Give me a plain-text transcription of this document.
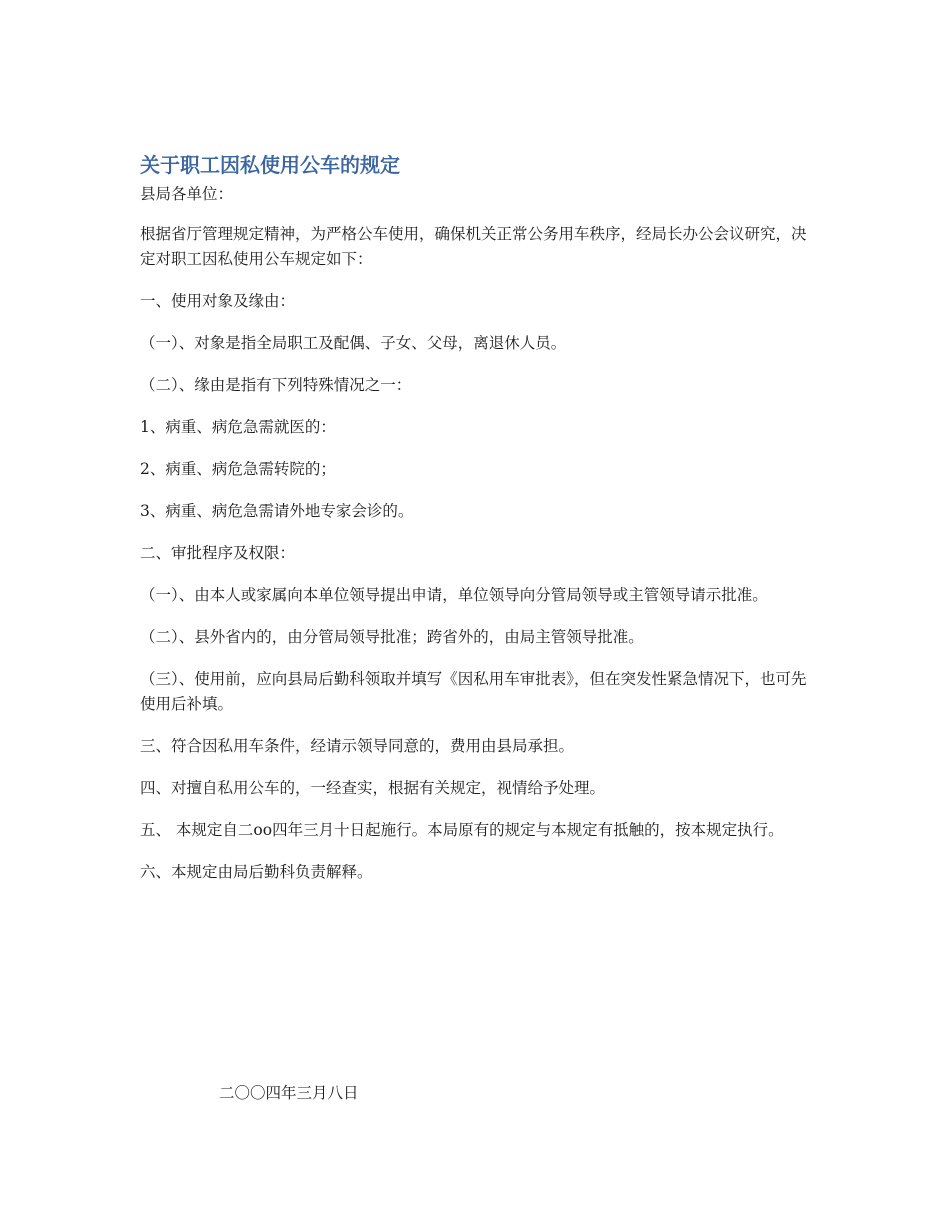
关于职工因私使用公车的规定
县局各单位：
根据省厅管理规定精神，为严格公车使用，确保机关正常公务用车秩序，经局长办公会议研究，决定对职工因私使用公车规定如下：
一、使用对象及缘由：
（一）、对象是指全局职工及配偶、子女、父母，离退休人员。
（二）、缘由是指有下列特殊情况之一：
1、病重、病危急需就医的：
2、病重、病危急需转院的；
3、病重、病危急需请外地专家会诊的。
二、审批程序及权限：
（一）、由本人或家属向本单位领导提出申请，单位领导向分管局领导或主管领导请示批准。
（二）、县外省内的，由分管局领导批准；跨省外的，由局主管领导批准。
（三）、使用前，应向县局后勤科领取并填写《因私用车审批表》，但在突发性紧急情况下，也可先使用后补填。
三、符合因私用车条件，经请示领导同意的，费用由县局承担。
四、对擅自私用公车的，一经查实，根据有关规定，视情给予处理。
五、 本规定自二oo四年三月十日起施行。本局原有的规定与本规定有抵触的，按本规定执行。
六、本规定由局后勤科负责解释。
二〇〇四年三月八日
